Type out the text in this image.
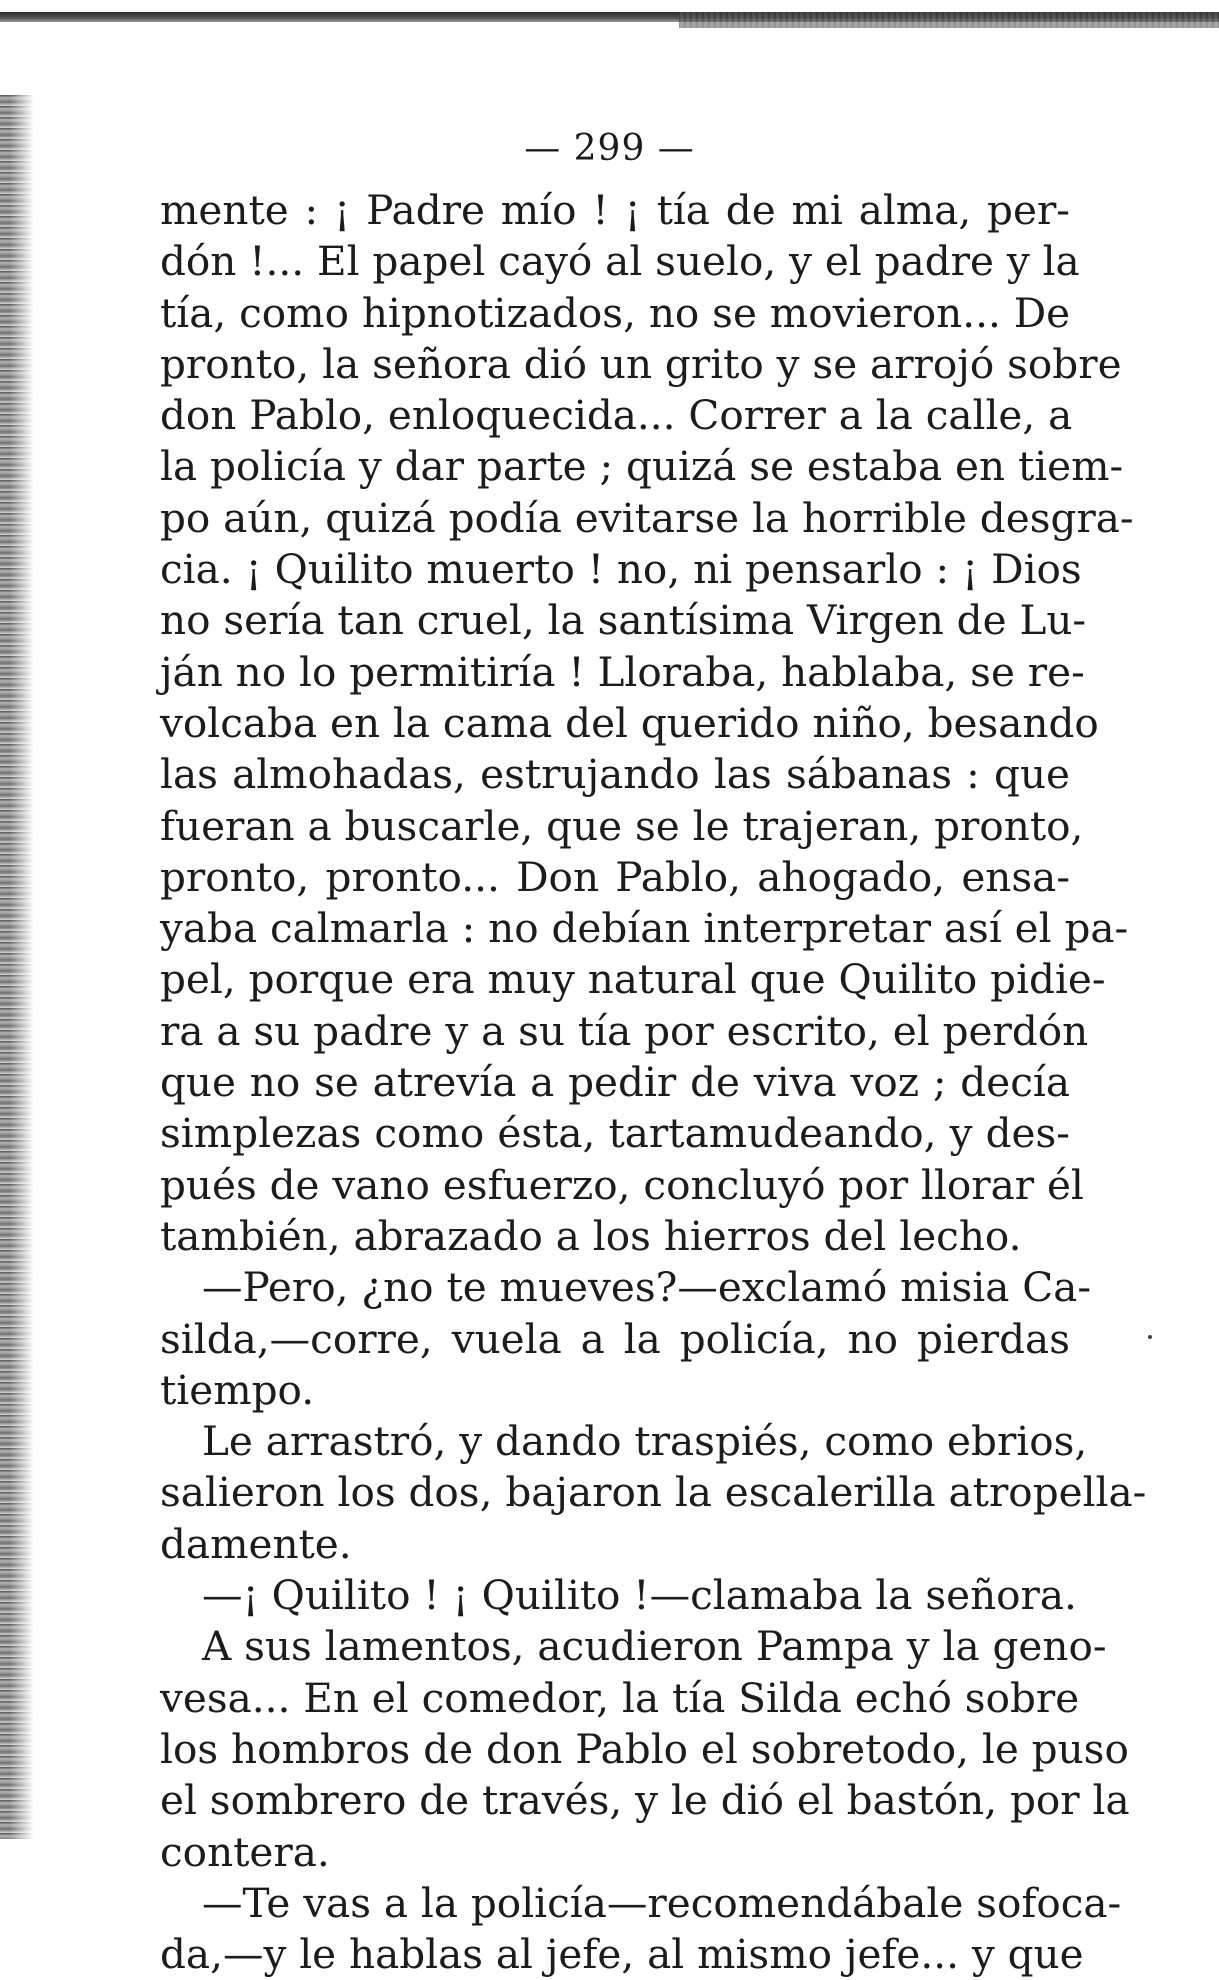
— 299 —
mente : ¡ Padre mío ! ¡ tía de mi alma, per-
dón !... El papel cayó al suelo, y el padre y la
tía, como hipnotizados, no se movieron... De
pronto, la señora dió un grito y se arrojó sobre
don Pablo, enloquecida... Correr a la calle, a
la policía y dar parte ; quizá se estaba en tiem-
po aún, quizá podía evitarse la horrible desgra-
cia. ¡ Quilito muerto ! no, ni pensarlo : ¡ Dios
no sería tan cruel, la santísima Virgen de Lu-
ján no lo permitiría ! Lloraba, hablaba, se re-
volcaba en la cama del querido niño, besando
las almohadas, estrujando las sábanas : que
fueran a buscarle, que se le trajeran, pronto,
pronto, pronto... Don Pablo, ahogado, ensa-
yaba calmarla : no debían interpretar así el pa-
pel, porque era muy natural que Quilito pidie-
ra a su padre y a su tía por escrito, el perdón
que no se atrevía a pedir de viva voz ; decía
simplezas como ésta, tartamudeando, y des-
pués de vano esfuerzo, concluyó por llorar él
también, abrazado a los hierros del lecho.
—Pero, ¿no te mueves?—exclamó misia Ca-
silda,—corre, vuela a la policía, no pierdas
tiempo.
Le arrastró, y dando traspiés, como ebrios,
salieron los dos, bajaron la escalerilla atropella-
damente.
—¡ Quilito ! ¡ Quilito !—clamaba la señora.
A sus lamentos, acudieron Pampa y la geno-
vesa... En el comedor, la tía Silda echó sobre
los hombros de don Pablo el sobretodo, le puso
el sombrero de través, y le dió el bastón, por la
contera.
—Te vas a la policía—recomendábale sofoca-
da,—y le hablas al jefe, al mismo jefe... y que
